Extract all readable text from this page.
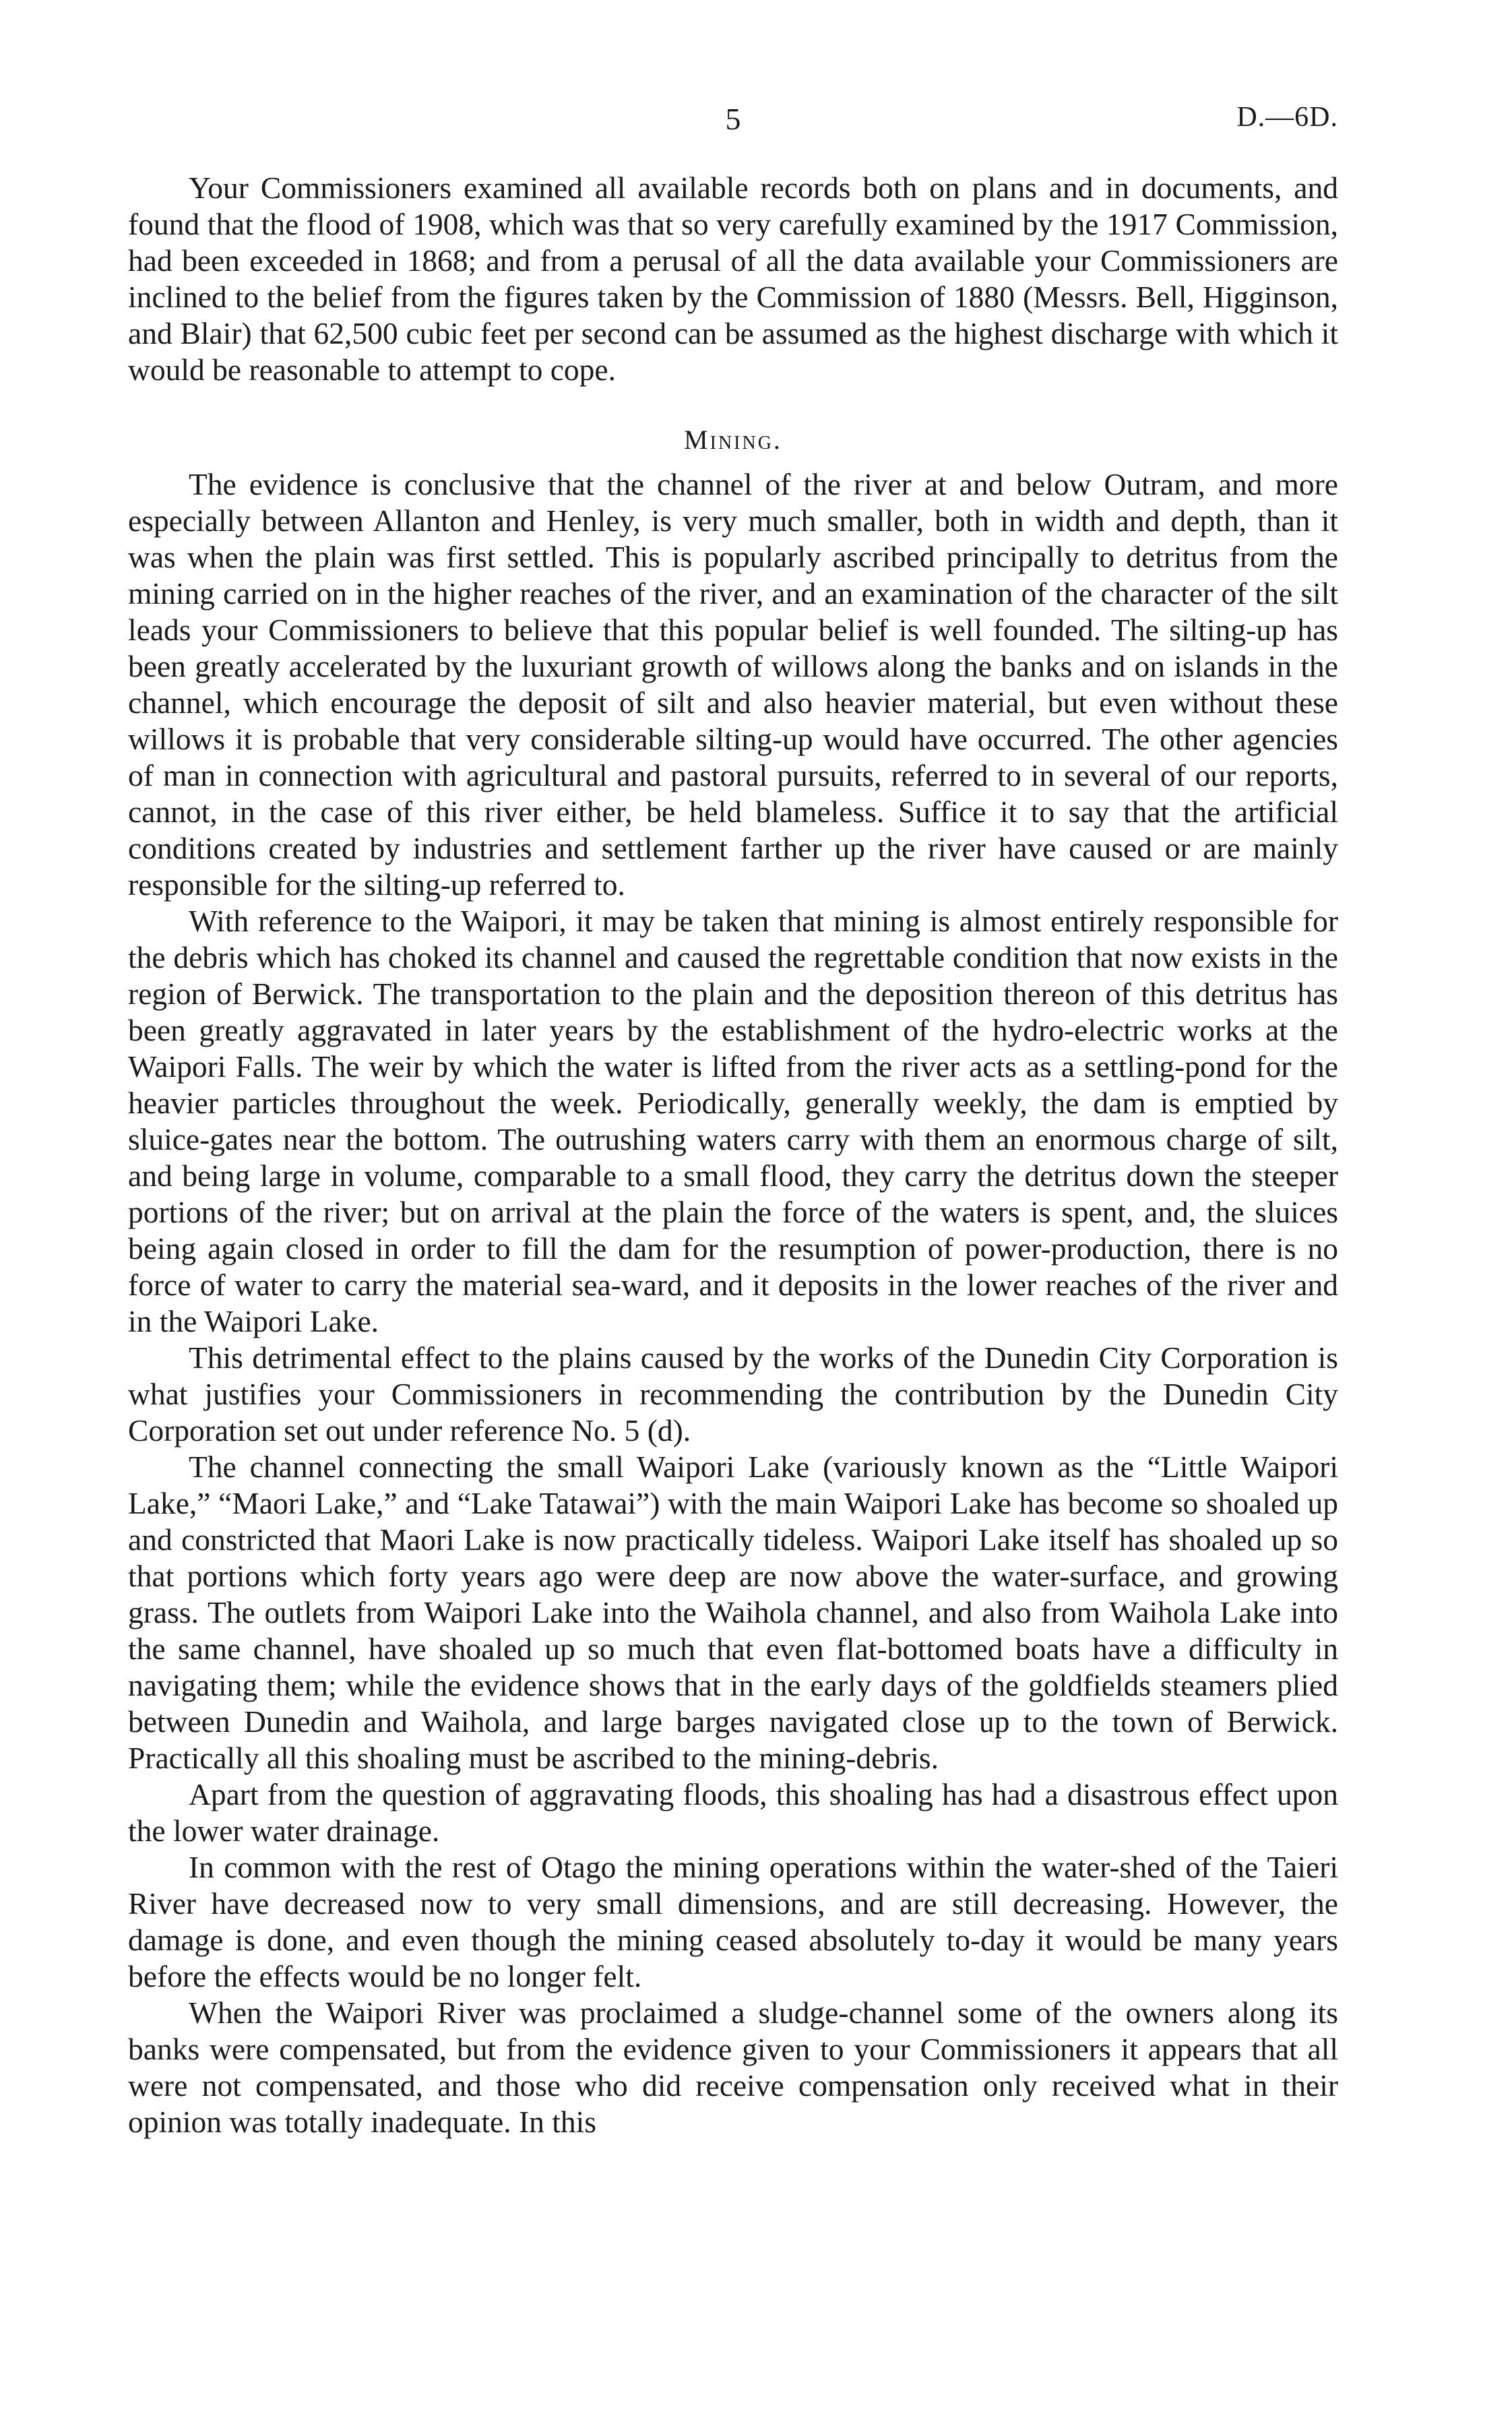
5	D.—6D.

Your Commissioners examined all available records both on plans and in documents, and found that the flood of 1908, which was that so very carefully examined by the 1917 Commission, had been exceeded in 1868; and from a perusal of all the data available your Commissioners are inclined to the belief from the figures taken by the Commission of 1880 (Messrs. Bell, Higginson, and Blair) that 62,500 cubic feet per second can be assumed as the highest discharge with which it would be reasonable to attempt to cope.

Mining.

The evidence is conclusive that the channel of the river at and below Outram, and more especially between Allanton and Henley, is very much smaller, both in width and depth, than it was when the plain was first settled. This is popularly ascribed principally to detritus from the mining carried on in the higher reaches of the river, and an examination of the character of the silt leads your Commissioners to believe that this popular belief is well founded. The silting-up has been greatly accelerated by the luxuriant growth of willows along the banks and on islands in the channel, which encourage the deposit of silt and also heavier material, but even without these willows it is probable that very considerable silting-up would have occurred. The other agencies of man in connection with agricultural and pastoral pursuits, referred to in several of our reports, cannot, in the case of this river either, be held blameless. Suffice it to say that the artificial conditions created by industries and settlement farther up the river have caused or are mainly responsible for the silting-up referred to.

With reference to the Waipori, it may be taken that mining is almost entirely responsible for the debris which has choked its channel and caused the regrettable condition that now exists in the region of Berwick. The transportation to the plain and the deposition thereon of this detritus has been greatly aggravated in later years by the establishment of the hydro-electric works at the Waipori Falls. The weir by which the water is lifted from the river acts as a settling-pond for the heavier particles throughout the week. Periodically, generally weekly, the dam is emptied by sluice-gates near the bottom. The outrushing waters carry with them an enormous charge of silt, and being large in volume, comparable to a small flood, they carry the detritus down the steeper portions of the river; but on arrival at the plain the force of the waters is spent, and, the sluices being again closed in order to fill the dam for the resumption of power-production, there is no force of water to carry the material sea-ward, and it deposits in the lower reaches of the river and in the Waipori Lake.

This detrimental effect to the plains caused by the works of the Dunedin City Corporation is what justifies your Commissioners in recommending the contribution by the Dunedin City Corporation set out under reference No. 5 (d).

The channel connecting the small Waipori Lake (variously known as the “Little Waipori Lake,” “Maori Lake,” and “Lake Tatawai”) with the main Waipori Lake has become so shoaled up and constricted that Maori Lake is now practically tideless. Waipori Lake itself has shoaled up so that portions which forty years ago were deep are now above the water-surface, and growing grass. The outlets from Waipori Lake into the Waihola channel, and also from Waihola Lake into the same channel, have shoaled up so much that even flat-bottomed boats have a difficulty in navigating them; while the evidence shows that in the early days of the goldfields steamers plied between Dunedin and Waihola, and large barges navigated close up to the town of Berwick. Practically all this shoaling must be ascribed to the mining-debris.

Apart from the question of aggravating floods, this shoaling has had a disastrous effect upon the lower water drainage.

In common with the rest of Otago the mining operations within the water-shed of the Taieri River have decreased now to very small dimensions, and are still decreasing. However, the damage is done, and even though the mining ceased absolutely to-day it would be many years before the effects would be no longer felt.

When the Waipori River was proclaimed a sludge-channel some of the owners along its banks were compensated, but from the evidence given to your Commissioners it appears that all were not compensated, and those who did receive compensation only received what in their opinion was totally inadequate. In this
